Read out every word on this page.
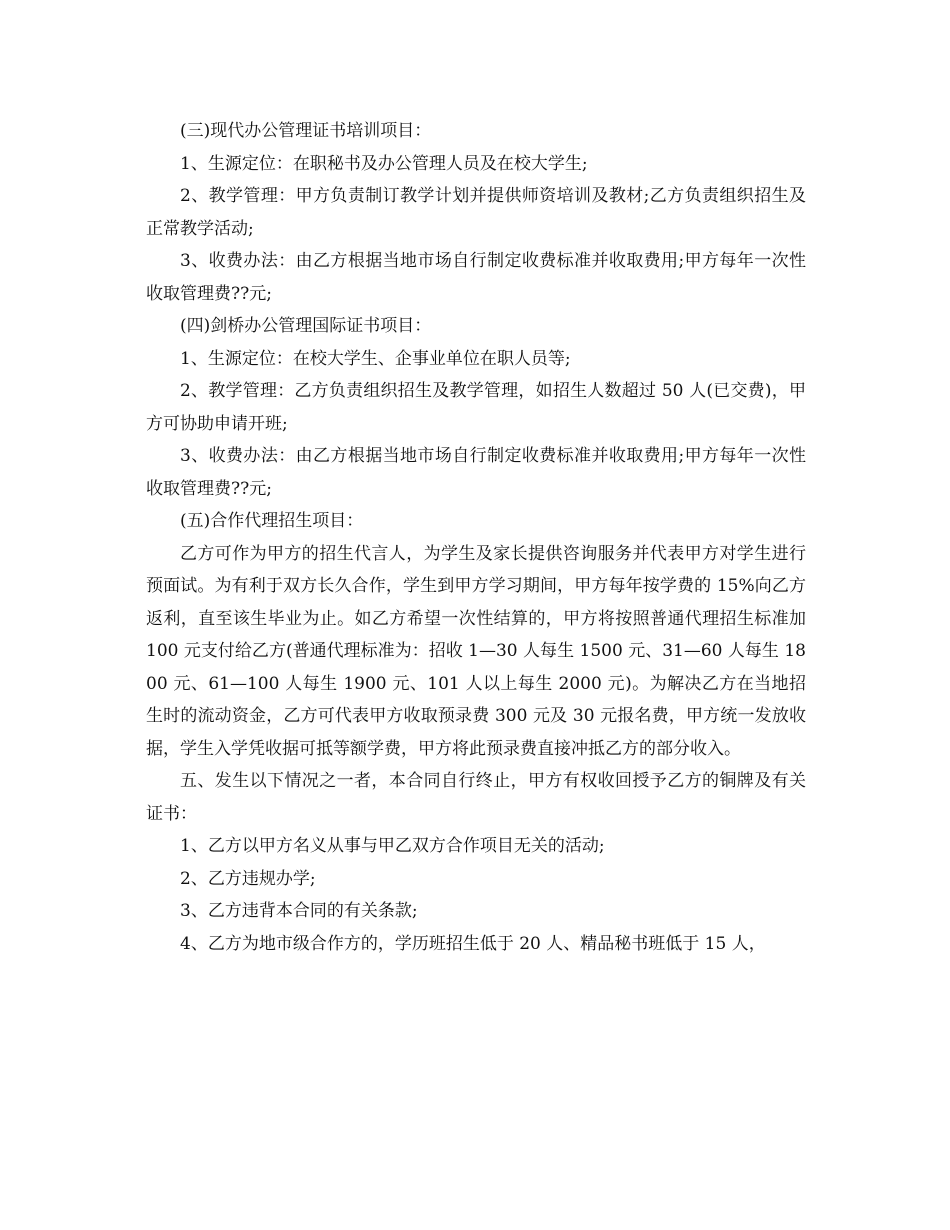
(三)现代办公管理证书培训项目：

1、生源定位：在职秘书及办公管理人员及在校大学生;

2、教学管理：甲方负责制订教学计划并提供师资培训及教材;乙方负责组织招生及正常教学活动;

3、收费办法：由乙方根据当地市场自行制定收费标准并收取费用;甲方每年一次性收取管理费??元;

(四)剑桥办公管理国际证书项目：

1、生源定位：在校大学生、企事业单位在职人员等;

2、教学管理：乙方负责组织招生及教学管理，如招生人数超过 50 人(已交费)，甲方可协助申请开班;

3、收费办法：由乙方根据当地市场自行制定收费标准并收取费用;甲方每年一次性收取管理费??元;

(五)合作代理招生项目：

乙方可作为甲方的招生代言人，为学生及家长提供咨询服务并代表甲方对学生进行预面试。为有利于双方长久合作，学生到甲方学习期间，甲方每年按学费的 15%向乙方返利，直至该生毕业为止。如乙方希望一次性结算的，甲方将按照普通代理招生标准加 100 元支付给乙方(普通代理标准为：招收 1—30 人每生 1500 元、31—60 人每生 1800 元、61—100 人每生 1900 元、101 人以上每生 2000 元)。为解决乙方在当地招生时的流动资金，乙方可代表甲方收取预录费 300 元及 30 元报名费，甲方统一发放收据，学生入学凭收据可抵等额学费，甲方将此预录费直接冲抵乙方的部分收入。

五、发生以下情况之一者，本合同自行终止，甲方有权收回授予乙方的铜牌及有关证书：

1、乙方以甲方名义从事与甲乙双方合作项目无关的活动;

2、乙方违规办学;

3、乙方违背本合同的有关条款;

4、乙方为地市级合作方的，学历班招生低于 20 人、精品秘书班低于 15 人，
